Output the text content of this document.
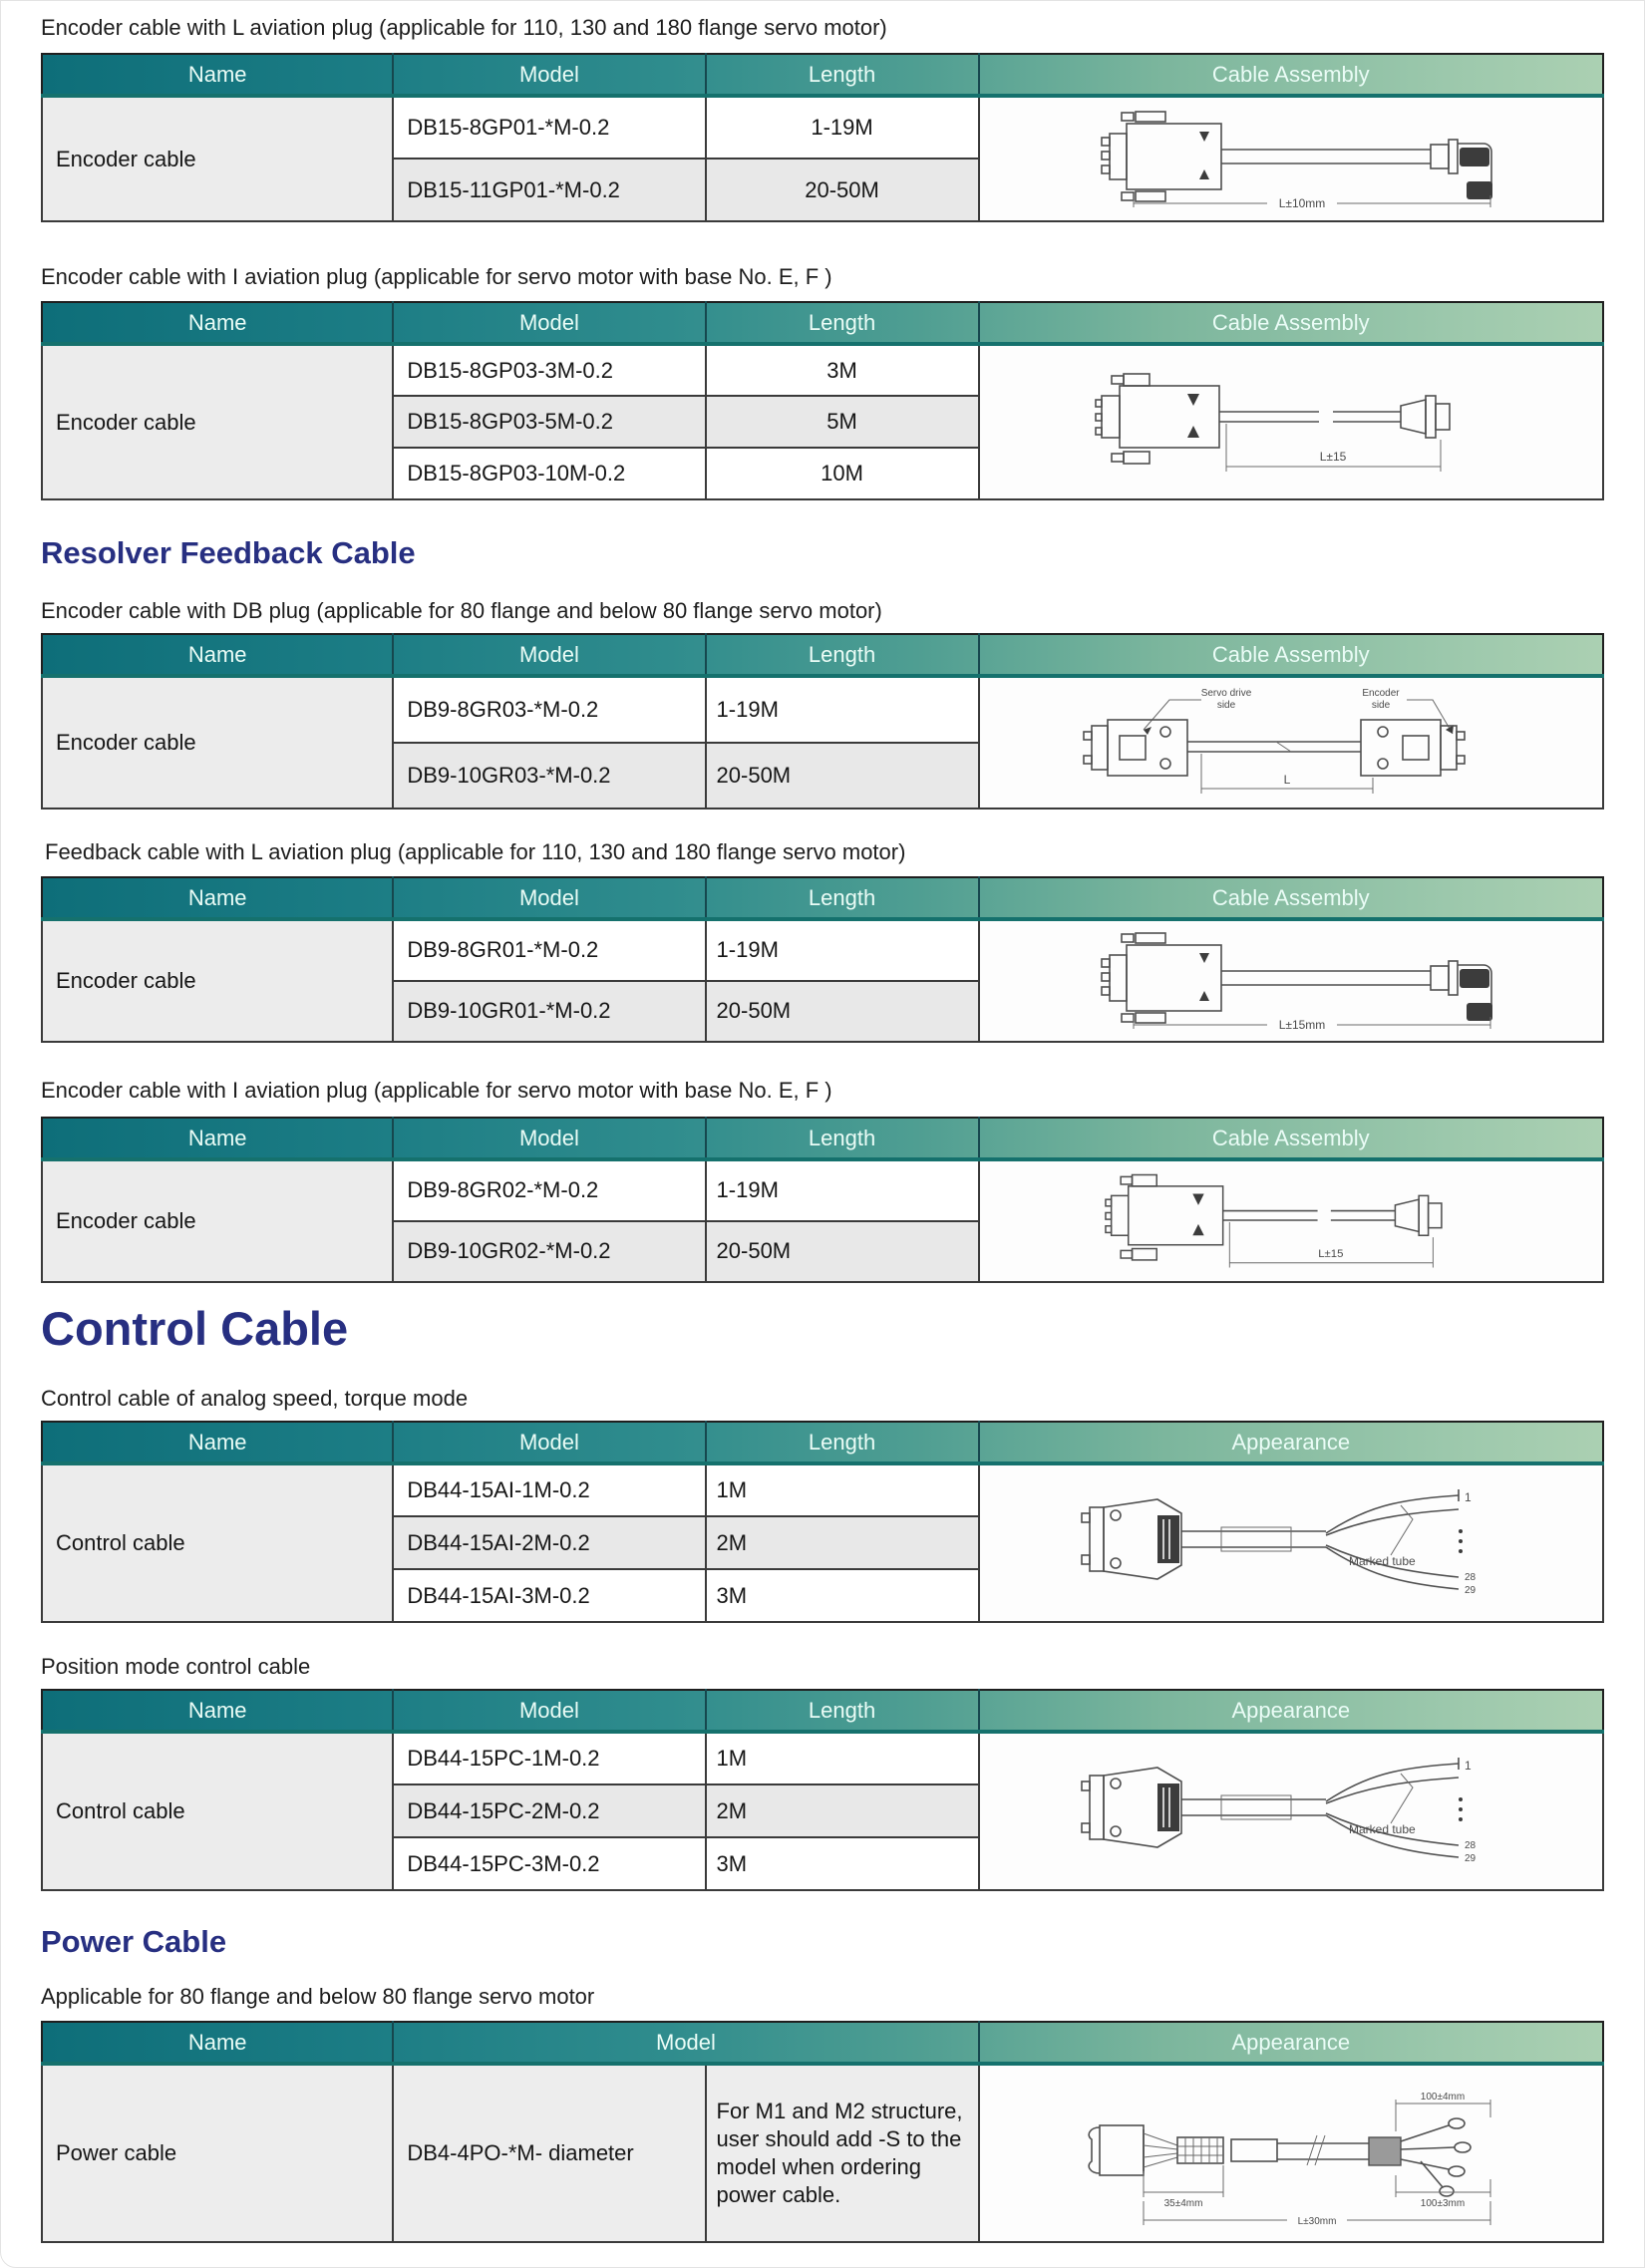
Encoder cable with L aviation plug (applicable for 110, 130 and 180 flange servo motor)

Name	Model	Length	Cable Assembly
Encoder cable	DB15-8GP01-*M-0.2	1-19M	L±10mm

	DB15-11GP01-*M-0.2	20-50M	

Encoder cable with I aviation plug (applicable for servo motor with base No. E, F )

Name	Model	Length	Cable Assembly
Encoder cable	DB15-8GP03-3M-0.2	3M	L±15

	DB15-8GP03-5M-0.2	5M	
	DB15-8GP03-10M-0.2	10M	
Resolver Feedback Cable

Encoder cable with DB plug (applicable for 80 flange and below 80 flange servo motor)

Name	Model	Length	Cable Assembly
Encoder cable	DB9-8GR03-*M-0.2	1-19M	Servo drive
side
Encoder
side
L

	DB9-10GR03-*M-0.2	20-50M	

Feedback cable with L aviation plug (applicable for 110, 130 and 180 flange servo motor)

Name	Model	Length	Cable Assembly
Encoder cable	DB9-8GR01-*M-0.2	1-19M	L±15mm

	DB9-10GR01-*M-0.2	20-50M	

Encoder cable with I aviation plug (applicable for servo motor with base No. E, F )

Name	Model	Length	Cable Assembly
Encoder cable	DB9-8GR02-*M-0.2	1-19M	L±15

	DB9-10GR02-*M-0.2	20-50M	
Control Cable

Control cable of analog speed, torque mode

Name	Model	Length	Appearance
Control cable	DB44-15AI-1M-0.2	1M	1
28
29
Marked tube

	DB44-15AI-2M-0.2	2M	
	DB44-15AI-3M-0.2	3M	

Position mode control cable

Name	Model	Length	Appearance
Control cable	DB44-15PC-1M-0.2	1M	1
28
29
Marked tube

	DB44-15PC-2M-0.2	2M	
	DB44-15PC-3M-0.2	3M	
Power Cable

Applicable for 80 flange and below 80 flange servo motor

Name	Model		Appearance
Power cable	DB4-4PO-*M- diameter	For M1 and M2 structure, user should add -S to the model when ordering power cable.	100±4mm
35±4mm 100±3mm
L±30mm
